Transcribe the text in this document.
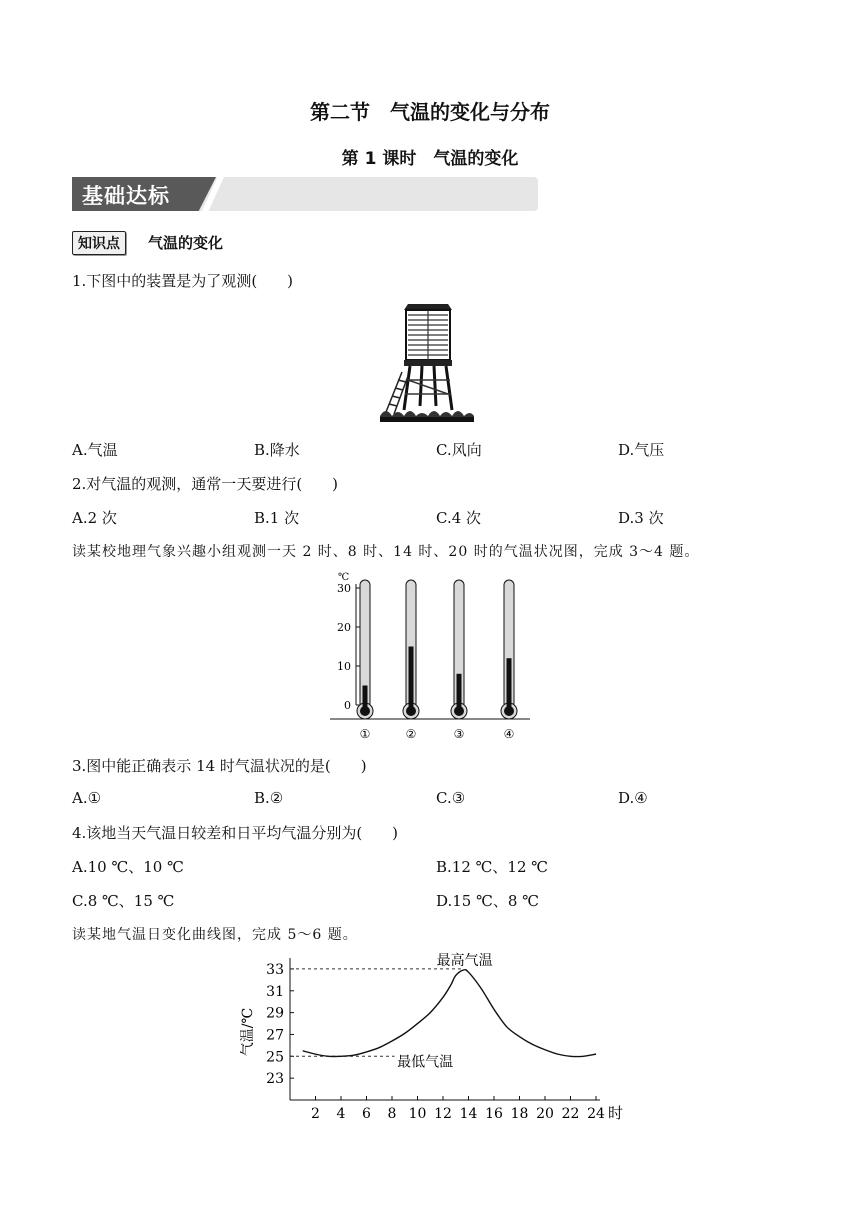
第二节　气温的变化与分布
第 1 课时　气温的变化
基础达标
知识点	气温的变化
1.下图中的装置是为了观测(　　)
A.气温	B.降水	C.风向	D.气压
2.对气温的观测，通常一天要进行(　　)
A.2 次	B.1 次	C.4 次	D.3 次
读某校地理气象兴趣小组观测一天 2 时、8 时、14 时、20 时的气温状况图，完成 3～4 题。
℃
30
20
10
0
①	②	③	④
3.图中能正确表示 14 时气温状况的是(　　)
A.①	B.②	C.③	D.④
4.该地当天气温日较差和日平均气温分别为(　　)
A.10 ℃、10 ℃	B.12 ℃、12 ℃
C.8 ℃、15 ℃	D.15 ℃、8 ℃
读某地气温日变化曲线图，完成 5～6 题。
气温/℃
时
33
31
29
27
25
23
2 4 6 8 10 12 14 16 18 20 22 24
最高气温
最低气温
